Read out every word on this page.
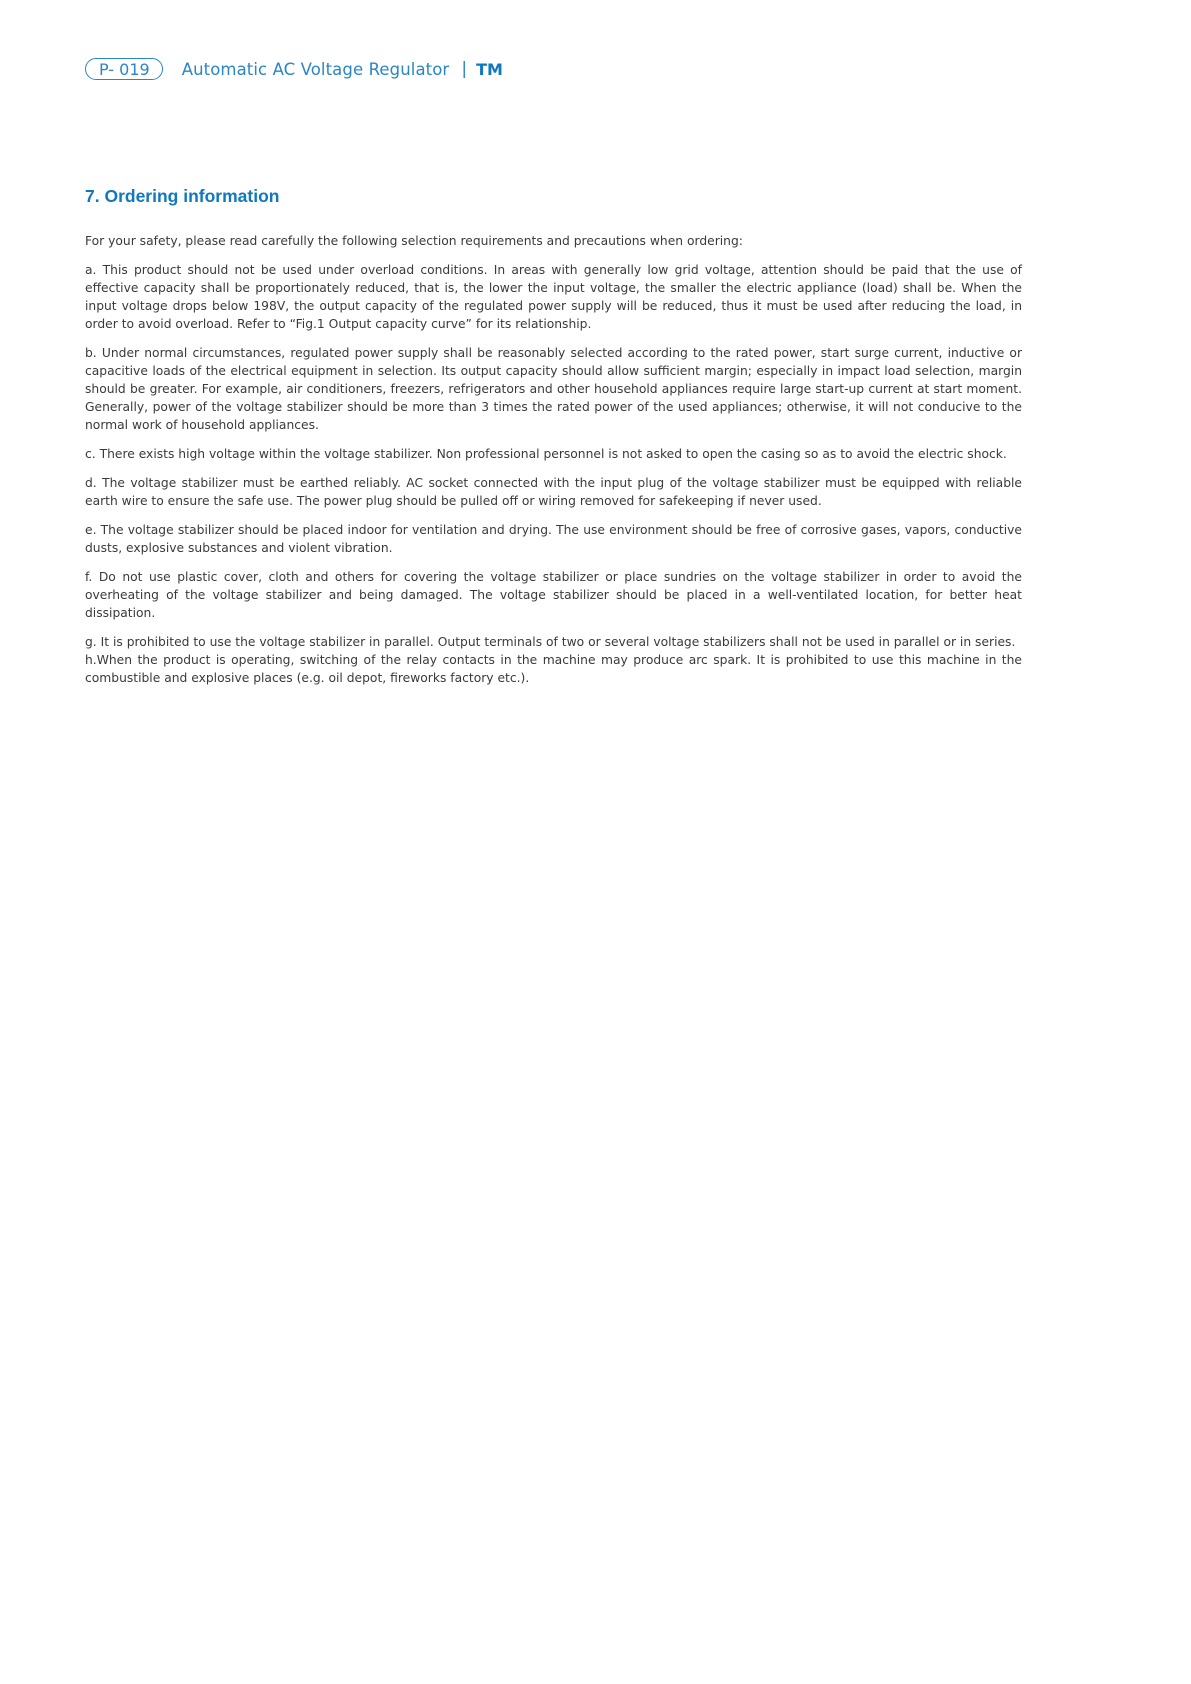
P- 019	Automatic AC Voltage Regulator | TM
7. Ordering information

For your safety, please read carefully the following selection requirements and precautions when ordering:

a. This product should not be used under overload conditions. In areas with generally low grid voltage, attention should be paid that the use of effective capacity shall be proportionately reduced, that is, the lower the input voltage, the smaller the electric appliance (load) shall be. When the input voltage drops below 198V, the output capacity of the regulated power supply will be reduced, thus it must be used after reducing the load, in order to avoid overload. Refer to “Fig.1 Output capacity curve” for its relationship.

b. Under normal circumstances, regulated power supply shall be reasonably selected according to the rated power, start surge current, inductive or capacitive loads of the electrical equipment in selection. Its output capacity should allow sufficient margin; especially in impact load selection, margin should be greater. For example, air conditioners, freezers, refrigerators and other household appliances require large start-up current at start moment. Generally, power of the voltage stabilizer should be more than 3 times the rated power of the used appliances; otherwise, it will not conducive to the normal work of household appliances.

c. There exists high voltage within the voltage stabilizer. Non professional personnel is not asked to open the casing so as to avoid the electric shock.

d. The voltage stabilizer must be earthed reliably. AC socket connected with the input plug of the voltage stabilizer must be equipped with reliable earth wire to ensure the safe use. The power plug should be pulled off or wiring removed for safekeeping if never used.

e. The voltage stabilizer should be placed indoor for ventilation and drying. The use environment should be free of corrosive gases, vapors, conductive dusts, explosive substances and violent vibration.

f. Do not use plastic cover, cloth and others for covering the voltage stabilizer or place sundries on the voltage stabilizer in order to avoid the overheating of the voltage stabilizer and being damaged. The voltage stabilizer should be placed in a well-ventilated location, for better heat dissipation.

g. It is prohibited to use the voltage stabilizer in parallel. Output terminals of two or several voltage stabilizers shall not be used in parallel or in series.

h.When the product is operating, switching of the relay contacts in the machine may produce arc spark. It is prohibited to use this machine in the combustible and explosive places (e.g. oil depot, fireworks factory etc.).
